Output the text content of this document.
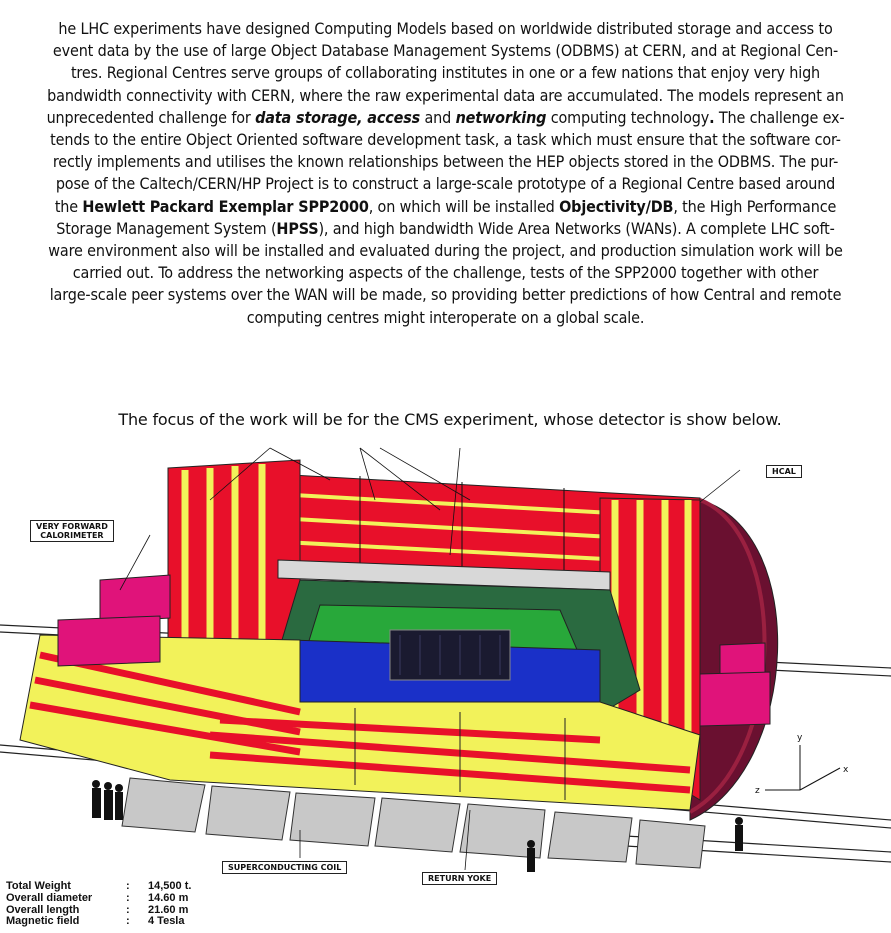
he LHC experiments have designed Computing Models based on worldwide distributed storage and access to
event data by the use of large Object Database Management Systems (ODBMS) at CERN, and at Regional Cen-
tres. Regional Centres serve groups of collaborating institutes in one or a few nations that enjoy very high
bandwidth connectivity with CERN, where the raw experimental data are accumulated. The models represent an
unprecedented challenge for data storage, access and networking computing technology. The challenge ex-
tends to the entire Object Oriented software development task, a task which must ensure that the software cor-
rectly implements and utilises the known relationships between the HEP objects stored in the ODBMS. The pur-
pose of the Caltech/CERN/HP Project is to construct a large-scale prototype of a Regional Centre based around
the Hewlett Packard Exemplar SPP2000, on which will be installed Objectivity/DB, the High Performance
Storage Management System (HPSS), and high bandwidth Wide Area Networks (WANs). A complete LHC soft-
ware environment also will be installed and evaluated during the project, and production simulation work will be
carried out. To address the networking aspects of the challenge, tests of the SPP2000 together with other
large-scale peer systems over the WAN will be made, so providing better predictions of how Central and remote
computing centres might interoperate on a global scale.
The focus of the work will be for the CMS experiment, whose detector is show below.
y
z
x
HCAL
VERY FORWARD
CALORIMETER
SUPERCONDUCTING COIL
RETURN YOKE
Total Weight	:	14,500 t.
Overall diameter	:	14.60 m
Overall length	:	21.60 m
Magnetic field	:	4 Tesla
